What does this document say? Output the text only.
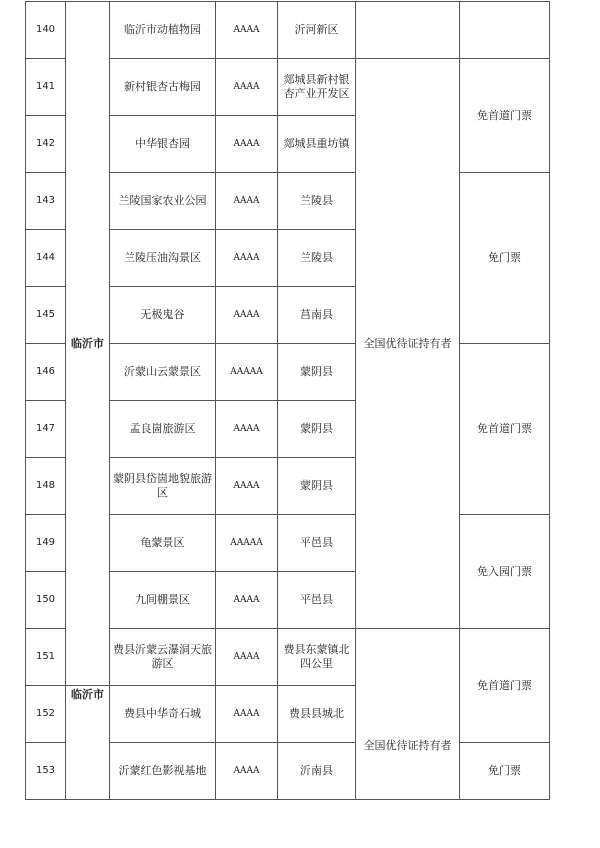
140	临沂市	临沂市动植物园	AAAA	沂河新区		
141		新村银杏古梅园	AAAA	郯城县新村银杏产业开发区	全国优待证持有者	免首道门票
142		中华银杏园	AAAA	郯城县重坊镇		
143		兰陵国家农业公园	AAAA	兰陵县		免门票
144		兰陵压油沟景区	AAAA	兰陵县		
145		无极鬼谷	AAAA	莒南县		
146		沂蒙山云蒙景区	AAAAA	蒙阴县		免首道门票
147		孟良崮旅游区	AAAA	蒙阴县		
148		蒙阴县岱崮地貌旅游区	AAAA	蒙阴县		
149		龟蒙景区	AAAAA	平邑县		免入园门票
150		九间棚景区	AAAA	平邑县		
151		费县沂蒙云瀑洞天旅游区	AAAA	费县东蒙镇北四公里	全国优待证持有者	免首道门票
152	临沂市	费县中华奇石城	AAAA	费县县城北		
153		沂蒙红色影视基地	AAAA	沂南县		免门票
